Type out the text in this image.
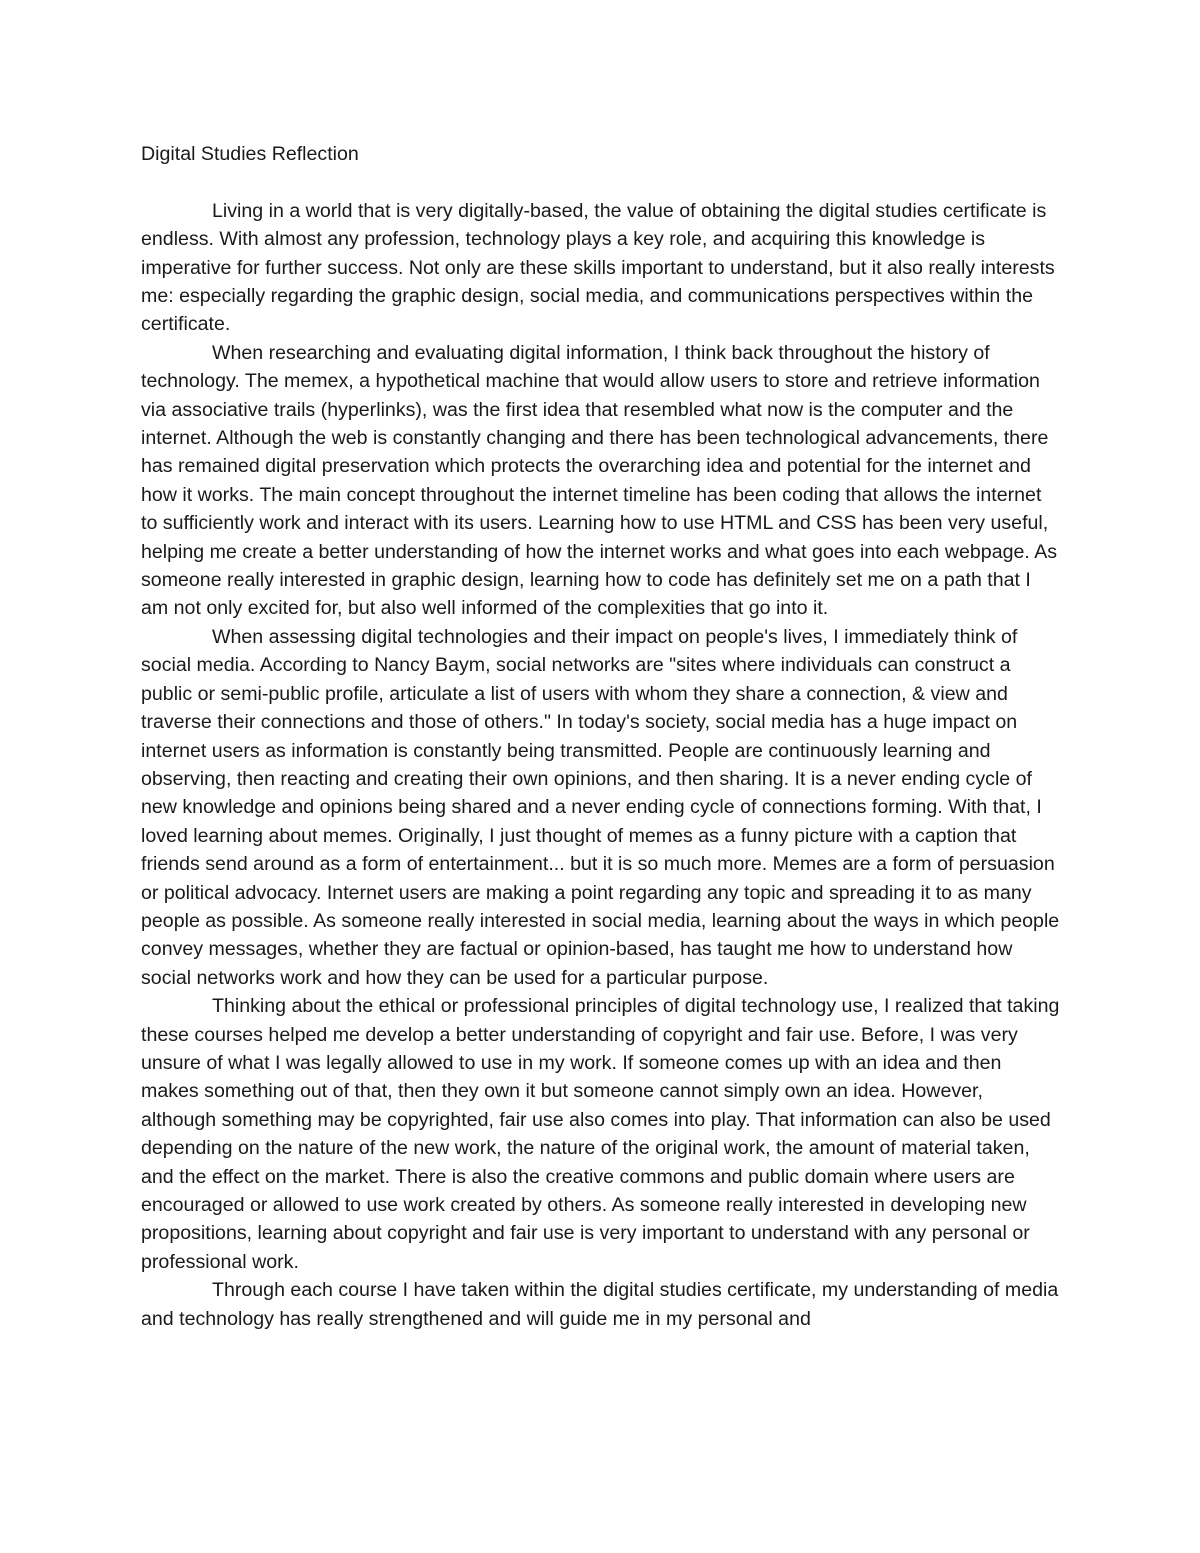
Digital Studies Reflection

Living in a world that is very digitally-based, the value of obtaining the digital studies certificate is endless. With almost any profession, technology plays a key role, and acquiring this knowledge is imperative for further success. Not only are these skills important to understand, but it also really interests me: especially regarding the graphic design, social media, and communications perspectives within the certificate.

When researching and evaluating digital information, I think back throughout the history of technology. The memex, a hypothetical machine that would allow users to store and retrieve information via associative trails (hyperlinks), was the first idea that resembled what now is the computer and the internet. Although the web is constantly changing and there has been technological advancements, there has remained digital preservation which protects the overarching idea and potential for the internet and how it works. The main concept throughout the internet timeline has been coding that allows the internet to sufficiently work and interact with its users. Learning how to use HTML and CSS has been very useful, helping me create a better understanding of how the internet works and what goes into each webpage. As someone really interested in graphic design, learning how to code has definitely set me on a path that I am not only excited for, but also well informed of the complexities that go into it.

When assessing digital technologies and their impact on people's lives, I immediately think of social media. According to Nancy Baym, social networks are "sites where individuals can construct a public or semi-public profile, articulate a list of users with whom they share a connection, & view and traverse their connections and those of others." In today's society, social media has a huge impact on internet users as information is constantly being transmitted. People are continuously learning and observing, then reacting and creating their own opinions, and then sharing. It is a never ending cycle of new knowledge and opinions being shared and a never ending cycle of connections forming. With that, I loved learning about memes. Originally, I just thought of memes as a funny picture with a caption that friends send around as a form of entertainment... but it is so much more. Memes are a form of persuasion or political advocacy. Internet users are making a point regarding any topic and spreading it to as many people as possible. As someone really interested in social media, learning about the ways in which people convey messages, whether they are factual or opinion-based, has taught me how to understand how social networks work and how they can be used for a particular purpose.

Thinking about the ethical or professional principles of digital technology use, I realized that taking these courses helped me develop a better understanding of copyright and fair use. Before, I was very unsure of what I was legally allowed to use in my work. If someone comes up with an idea and then makes something out of that, then they own it but someone cannot simply own an idea. However, although something may be copyrighted, fair use also comes into play. That information can also be used depending on the nature of the new work, the nature of the original work, the amount of material taken, and the effect on the market. There is also the creative commons and public domain where users are encouraged or allowed to use work created by others. As someone really interested in developing new propositions, learning about copyright and fair use is very important to understand with any personal or professional work.

Through each course I have taken within the digital studies certificate, my understanding of media and technology has really strengthened and will guide me in my personal and
